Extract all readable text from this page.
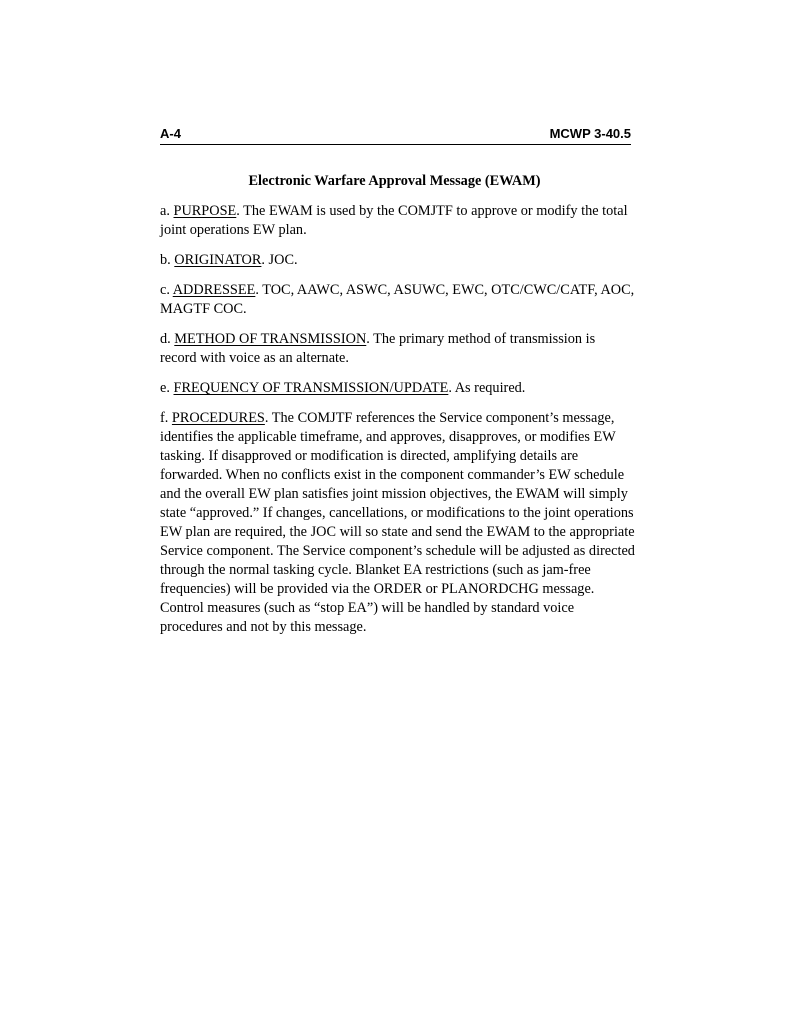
A-4	MCWP 3-40.5
Electronic Warfare Approval Message (EWAM)

a. PURPOSE. The EWAM is used by the COMJTF to approve or modify the total joint operations EW plan.

b. ORIGINATOR. JOC.

c. ADDRESSEE. TOC, AAWC, ASWC, ASUWC, EWC, OTC/CWC/CATF, AOC, MAGTF COC.

d. METHOD OF TRANSMISSION. The primary method of transmission is record with voice as an alternate.

e. FREQUENCY OF TRANSMISSION/UPDATE. As required.

f. PROCEDURES. The COMJTF references the Service component’s message, identifies the applicable timeframe, and approves, disapproves, or modifies EW tasking. If disapproved or modification is directed, amplifying details are forwarded. When no conflicts exist in the component commander’s EW schedule and the overall EW plan satisfies joint mission objectives, the EWAM will simply state “approved.” If changes, cancellations, or modifications to the joint operations EW plan are required, the JOC will so state and send the EWAM to the appropriate Service component. The Service component’s schedule will be adjusted as directed through the normal tasking cycle. Blanket EA restrictions (such as jam-free frequencies) will be provided via the ORDER or PLANORDCHG message. Control measures (such as “stop EA”) will be handled by standard voice procedures and not by this message.
